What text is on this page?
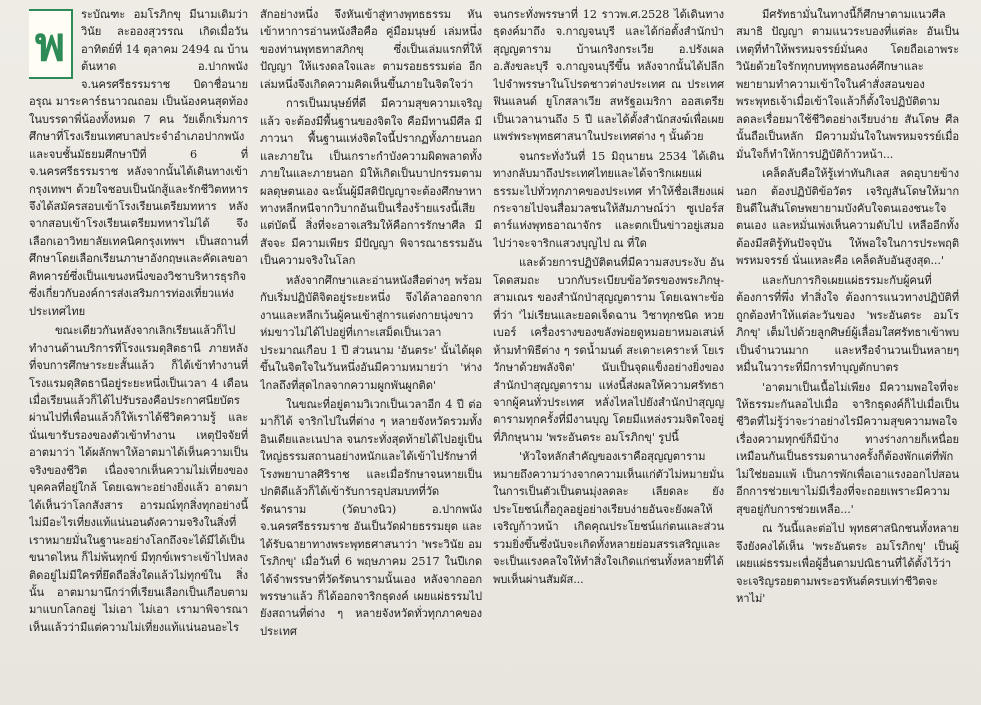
พ

ระบัณฑะ อมโรภิกขุ มีนามเดิมว่า วินัย ละอองสุวรรณ เกิดเมื่อวันอาทิตย์ที่ 14 ตุลาคม 2494 ณ บ้านต้นหาด อ.ปากพนัง จ.นครศรีธรรมราช บิดาชื่อนายอรุณ มาระคาร์ธนาวณถอม เป็นน้องคนสุดท้องในบรรดาพี่น้องทั้งหมด 7 คน วัยเด็กเริ่มการศึกษาที่โรงเรียนเทศบาลประจำอำเภอปากพนัง และจบชั้นมัธยมศึกษาปีที่ 6 ที่ จ.นครศรีธรรมราช หลังจากนั้นได้เดินทางเข้ากรุงเทพฯ ด้วยใจชอบเป็นนักสู้และรักชีวิตทหาร จึงได้สมัครสอบเข้าโรงเรียนเตรียมทหาร หลังจากสอบเข้าโรงเรียนเตรียมทหารไม่ได้ จึงเลือกเอาวิทยาลัยเทคนิคกรุงเทพฯ เป็นสถานที่ศึกษาโดยเลือกเรียนภาษาอังกฤษและคัดเลขอาคิทคารย์ซึ่งเป็นแขนงหนึ่งของวิชาบริหารธุรกิจ ซึ่งเกี่ยวกับองค์การส่งเสริมการท่องเที่ยวแห่งประเทศไทย

ขณะเดียวกันหลังจากเลิกเรียนแล้วก็ไปทำงานด้านบริการที่โรงแรมดุสิตธานี ภายหลังที่จบการศึกษาระยะสั้นแล้ว ก็ได้เข้าทำงานที่โรงแรมดุสิตธานีอยู่ระยะหนึ่งเป็นเวลา 4 เดือน เมื่อเรียนแล้วก็ได้ไปรับรองคือประกาศนียบัตร ผ่านไปที่เพื่อนแล้วก็ให้เราได้ชีวิตความรู้ และนั่นเขารับรองของตัวเข้าทำงาน เหตุปัจจัยที่อาตมาว่า ได้ผลักพาให้อาตมาได้เห็นความเป็นจริงของชีวิต เนื่องจากเห็นความไม่เที่ยงของบุคคลที่อยู่ใกล้ โดยเฉพาะอย่างยิ่งแล้ว อาตมาได้เห็นว่าโลกสังสาร อารมณ์ทุกสิ่งทุกอย่างนี้ไม่มีอะไรเที่ยงแท้แน่นอนดังความจริงในสิ่งที่เราหมายมั่นในฐานะอย่างโลกถึงจะได้มีได้เป็นขนาดไหน ก็ไม่พ้นทุกข์ มีทุกข์เพราะเข้าไปหลงติดอยู่ไม่มีใครที่ยึดถือสิ่งใดแล้วไม่ทุกข์ใน สิ่งนั้น อาตมามานึกว่าที่เรียนเลือกเป็นเกือบตามมาแบกโลกอยู่ ไม่เอา ไม่เอา เรามาพิจารณาเห็นแล้วว่ามีแต่ความไม่เที่ยงแท้แน่นอนอะไร

สักอย่างหนึ่ง จึงหันเข้าสู่ทางพุทธธรรม หันเข้าหาการอ่านหนังสือคือ คู่มือมนุษย์ เล่มหนึ่งของท่านพุทธทาสภิกขุ ซึ่งเป็นเล่มแรกที่ให้ปัญญา ให้แรงดลใจและ ตามรอยธรรมต่อ อีกเล่มหนึ่งจึงเกิดความคิดเห็นขึ้นภายในจิตใจว่า

การเป็นมนุษย์ที่ดี มีความสุขความเจริญแล้ว จะต้องมีพื้นฐานของจิตใจ คือมีทานมีศีล มีภาวนา พื้นฐานแห่งจิตใจนี้ปรากฏทั้งภายนอก และภายใน เป็นเกราะกำบังความผิดพลาดทั้งภายในและภายนอก มิให้เกิดเป็นบาปกรรมตามผลดุษตนเอง ฉะนั้นผู้มีสติปัญญาจะต้องศึกษาหาทางหลีกหนีจากวิบากอันเป็นเรื่องร้ายแรงนี้เสียแต่บัดนี้ สิ่งที่จะอาจเสริมให้คือการรักษาศีล มีสัจจะ มีความเพียร มีปัญญา พิจารณาธรรมอันเป็นความจริงในโลก

หลังจากศึกษาและอ่านหนังสือต่างๆ พร้อมกับเริ่มปฏิบัติจิตอยู่ระยะหนึ่ง จึงได้ลาออกจากงานและหลีกเว้นผู้คนเข้าสู่การแต่งกายนุ่งขาวห่มขาวไม่ได้ไปอยู่ที่เกาะเสม็ดเป็นเวลาประมาณเกือบ 1 ปี ส่วนนาม 'อันตระ' นั้นได้ผุดขึ้นในจิตใจในวันหนึ่งอันมีความหมายว่า 'ห่างไกลถึงที่สุดไกลจากความผูกพันผูกติด'

ในขณะที่อยู่ตามวิเวกเป็นเวลาอีก 4 ปี ต่อมาก็ได้ จาริกไปในที่ต่าง ๆ หลายจังหวัดรวมทั้งอินเดียและเนปาล จนกระทั่งสุดท้ายได้ไปอยู่เป็นใหญ่ธรรมสถานอย่างหนักและได้เข้าไปรักษาที่โรงพยาบาลศิริราช และเมื่อรักษาจนหายเป็นปกติดีแล้วก็ได้เข้ารับการอุปสมบทที่วัดรัตนาราม (วัดบางนิว) อ.ปากพนัง จ.นครศรีธรรมราช อันเป็นวัดฝ่ายธรรมยุต และได้รับฉายาทางพระพุทธศาสนาว่า 'พระวินัย อมโรภิกขุ' เมื่อวันที่ 6 พฤษภาคม 2517 ในปีเกดได้จำพรรษาที่วัดรัตนารามนั้นเอง หลังจากออกพรรษาแล้ว ก็ได้ออกจาริกธุดงค์ เผยแผ่ธรรมไปยังสถานที่ต่าง ๆ หลายจังหวัดทั่วทุกภาคของประเทศ

จนกระทั่งพรรษาที่ 12 ราวพ.ศ.2528 ได้เดินทางธุดงค์มาถึง จ.กาญจนบุรี และได้ก่อตั้งสำนักป่าสุญญตาราม บ้านเกริงกระเวีย อ.ปรังเผล อ.สังขละบุรี จ.กาญจนบุรีขึ้น หลังจากนั้นได้ปลีกไปจำพรรษาในโปรดชาวต่างประเทศ ณ ประเทศฟินแลนด์ ยูโกสลาเวีย สหรัฐอเมริกา ออสเตรีย เป็นเวลานานถึง 5 ปี และได้ตั้งสำนักสงฆ์เพื่อเผยแพร่พระพุทธศาสนาในประเทศต่าง ๆ นั้นด้วย

จนกระทั่งวันที่ 15 มิถุนายน 2534 ได้เดินทางกลับมาถึงประเทศไทยและได้จาริกเผยแผ่ธรรมะไปทั่วทุกภาคของประเทศ ทำให้ชื่อเสียงแผ่กระจายไปจนสื่อมวลชนให้สัมภาษณ์ว่า ซูเปอร์สตาร์แห่งพุทธอาณาจักร และตกเป็นข่าวอยู่เสมอไปว่าจะจาริกแสวงบุญไป ณ ที่ใด

และด้วยการปฏิบัติตนที่มีความสงบระงับ อันโดดสมถะ บวกกับระเบียบข้อวัตรของพระภิกษุ-สามเณร ของสำนักป่าสุญญตาราม โดยเฉพาะข้อที่ว่า 'ไม่เรียนและยอดเจ็ดฉาน วิชาทุกชนิด หวยเบอร์ เครื่องรางของขลังพ่อยดูหมอยาหมอเสน่ห์ ห้ามทำพิธีต่าง ๆ รดน้ำมนต์ สะเดาะเคราะห์ โยเร วักษาด้วยพลังจิต' นับเป็นจุดแข็งอย่างยิ่งของสำนักป่าสุญญตาราม แห่งนี้ส่งผลให้ความศรัทธาจากผู้คนทั่วประเทศ หลั่งไหลไปยังสำนักป่าสุญญตารามทุกครั้งที่มีงานบุญ โดยมีแหล่งรวมจิตใจอยู่ที่ภิกษุนาม 'พระอันตระ อมโรภิกขุ' รูปนี้

'หัวใจหลักสำคัญของเราคือสุญญตาราม หมายถึงความว่างจากความเห็นแก่ตัวไม่หมายมั่นในการเป็นตัวเป็นตนมุ่งลดละ เลียดละ ยังประโยชน์เกื้อกูลอยู่อย่างเรียบง่ายอันจะยังผลให้เจริญก้าวหน้า เกิดคุณประโยชน์แก่ตนและส่วนรวมยิ่งขึ้นซึ่งนับจะเกิดทั้งหลายย่อมสรรเสริญและจะเป็นแรงคลใจให้ทำสิ่งใจเกิดแก่ชนทั้งหลายที่ได้พบเห็นผ่านสัมผัส...

มีศรัทธามั่นในทางนี้ก็ศึกษาตามแนวศีลสมาธิ ปัญญา ตามแนวระบองที่แต่ละ อันเป็นเหตุที่ทำให้พรหมจรรย์มั่นคง โดยถือเอาพระวินัยด้วยใจรักทุกบทพุทธอนงค์ศึกษาและพยายามทำความเข้าใจในคำสั่งสอนของพระพุทธเจ้าเมื่อเข้าใจแล้วก็ตั้งใจปฏิบัติตาม ลดละเรื่อยมาใช้ชีวิตอย่างเรียบง่าย สันโดษ ศีลนั้นถือเป็นหลัก มีความมั่นใจในพรหมจรรย์เมื่อมั่นใจก็ทำให้การปฏิบัติก้าวหน้า...

เคล็ดลับคือให้รู้เท่าทันกิเลส ลดอุบายข้างนอก ต้องปฏิบัติข้อวัตร เจริญสันโดษให้มาก ยินดีในสันโดษพยายามบังคับใจตนเองชนะใจตนเอง และหมั่นเพ่งเห็นความดับไป เหลืออีกทั้งต้องมีสติรู้ทันปัจจุบัน ให้พอใจในการประพฤติพรหมจรรย์ นั่นแหละคือ เคล็ดลับอันสูงสุด...'

และกับการกิจเผยแผ่ธรรมะกับผู้คนที่ต้องการที่พึ่ง ทำสิ่งใจ ต้องการแนวทางปฏิบัติที่ถูกต้องทำให้แต่ละวันของ 'พระอันตระ อมโรภิกขุ' เต็มไปด้วยลูกศิษย์ผู้เลื่อมใสศรัทธาเข้าพบเป็นจำนวนมาก และหรือจำนวนเป็นหลายๆ หมื่นในวาระที่มีการทำบุญตักบาตร

'อาตมาเป็นเนื้อไม่เพียง มีความพอใจที่จะให้ธรรมะกันลอไปเมื่อ จาริกธุดงค์ก็ไปเมื่อเป็นชีวิตที่ไม่รู้ว่าจะว่าอย่างไรมีความสุขความพอใจเรื่องความทุกข์ก็มีบ้าง ทางร่างกายก็เหนื่อยเหมือนกันเป็นธรรมดานางครั้งก็ต้องพักแต่ที่พักไม่ใช่ยอมแพ้ เป็นการพักเพื่อเอาแรงออกไปสอนอีกการช่วยเขาไม่มีเรื่องที่จะถอยเพราะมีความสุขอยู่กับการช่วยเหลือ...'

ณ วันนี้และต่อไป พุทธศาสนิกชนทั้งหลายจึงยังคงได้เห็น 'พระอันตระ อมโรภิกขุ' เป็นผู้เผยแผ่ธรรมะเพื่อผู้อื่นตามปณิธานที่ได้ตั้งไว้ว่า จะเจริญรอยตามพระอรหันต์ครบเท่าชีวิตจะหาไม่'
